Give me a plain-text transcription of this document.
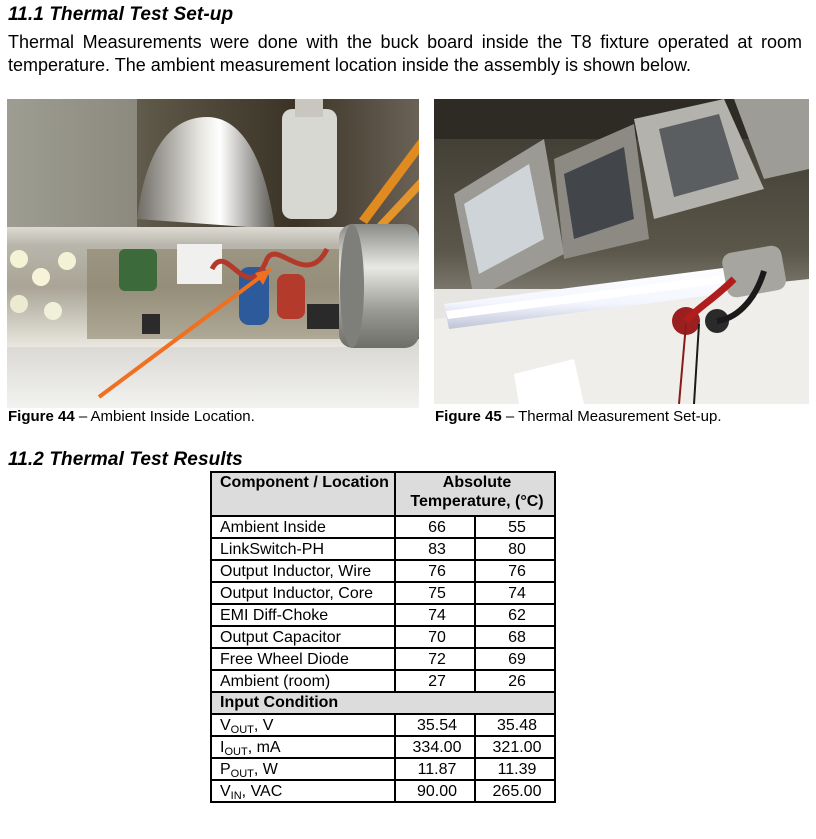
11.1 Thermal Test Set-up
Thermal Measurements were done with the buck board inside the T8 fixture operated at room temperature. The ambient measurement location inside the assembly is shown below.
Figure 44 – Ambient Inside Location.	Figure 45 – Thermal Measurement Set-up.
11.2 Thermal Test Results
Component / Location	Absolute Temperature, (°C)	
Ambient Inside	66	55
LinkSwitch-PH	83	80
Output Inductor, Wire	76	76
Output Inductor, Core	75	74
EMI Diff-Choke	74	62
Output Capacitor	70	68
Free Wheel Diode	72	69
Ambient (room)	27	26
Input Condition		
$V_{OUT}$, V	35.54	35.48
$I_{OUT}$, mA	334.00	321.00
$P_{OUT}$, W	11.87	11.39
$V_{IN}$, VAC	90.00	265.00
